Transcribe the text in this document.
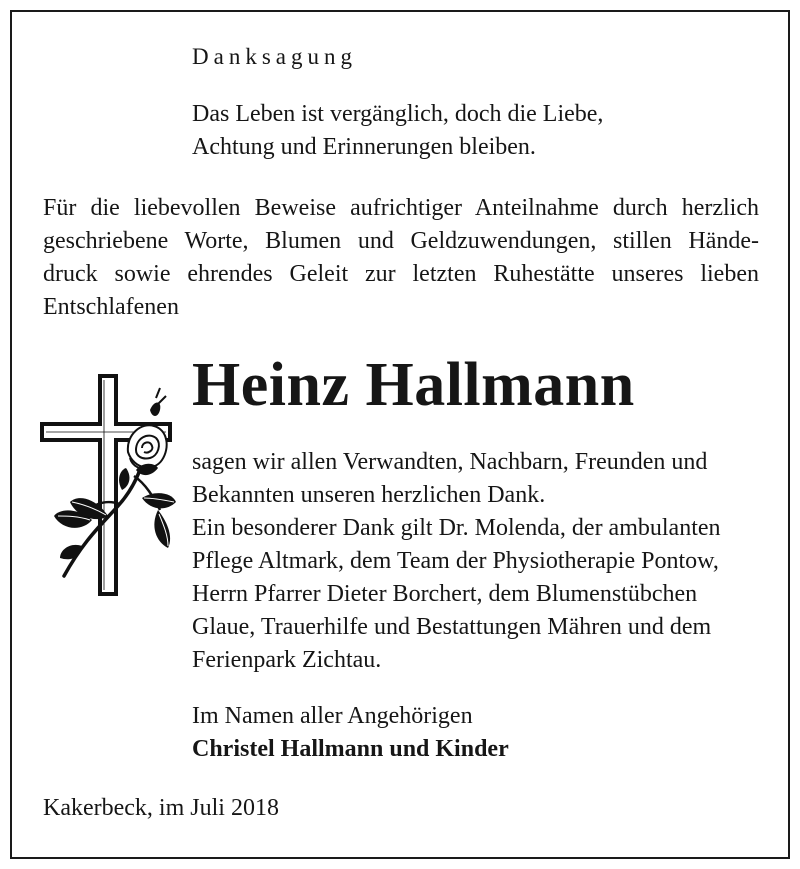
Danksagung
Das Leben ist vergänglich, doch die Liebe,
Achtung und Erinnerungen bleiben.
Für die liebevollen Beweise aufrichtiger Anteilnahme durch herzlich
geschriebene Worte, Blumen und Geldzuwendungen, stillen Hände-
druck sowie ehrendes Geleit zur letzten Ruhestätte unseres lieben
Entschlafenen
Heinz Hallmann
sagen wir allen Verwandten, Nachbarn, Freunden und
Bekannten unseren herzlichen Dank.
Ein besonderer Dank gilt Dr. Molenda, der ambulanten
Pflege Altmark, dem Team der Physiotherapie Pontow,
Herrn Pfarrer Dieter Borchert, dem Blumenstübchen
Glaue, Trauerhilfe und Bestattungen Mähren und dem
Ferienpark Zichtau.
Im Namen aller Angehörigen
Christel Hallmann und Kinder
Kakerbeck, im Juli 2018
